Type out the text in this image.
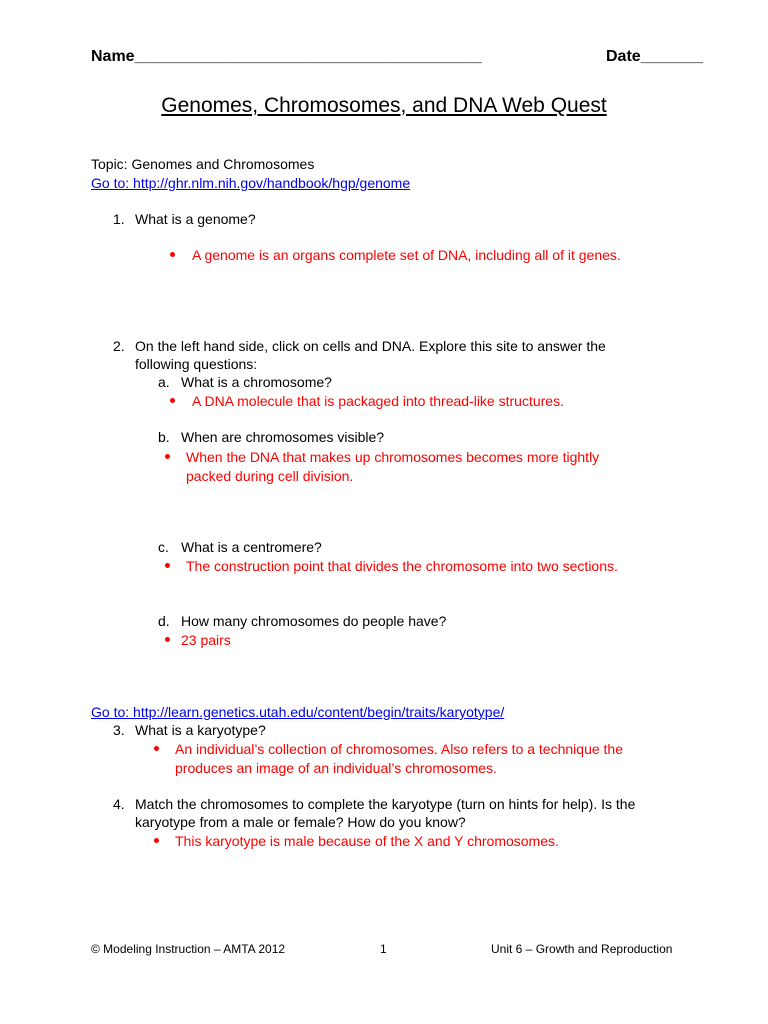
Name_______________________________________	Date_______
Genomes, Chromosomes, and DNA Web Quest
Topic: Genomes and Chromosomes
Go to: http://ghr.nlm.nih.gov/handbook/hgp/genome
1. What is a genome?
A genome is an organs complete set of DNA, including all of it genes.
2. On the left hand side, click on cells and DNA. Explore this site to answer the
following questions:
a. What is a chromosome?
A DNA molecule that is packaged into thread-like structures.
b. When are chromosomes visible?
When the DNA that makes up chromosomes becomes more tightly
packed during cell division.
c. What is a centromere?
The construction point that divides the chromosome into two sections.
d. How many chromosomes do people have?
23 pairs
Go to: http://learn.genetics.utah.edu/content/begin/traits/karyotype/
3. What is a karyotype?
An individual’s collection of chromosomes. Also refers to a technique the
produces an image of an individual’s chromosomes.
4. Match the chromosomes to complete the karyotype (turn on hints for help). Is the
karyotype from a male or female? How do you know?
This karyotype is male because of the X and Y chromosomes.
© Modeling Instruction – AMTA 2012	1	Unit 6 – Growth and Reproduction
